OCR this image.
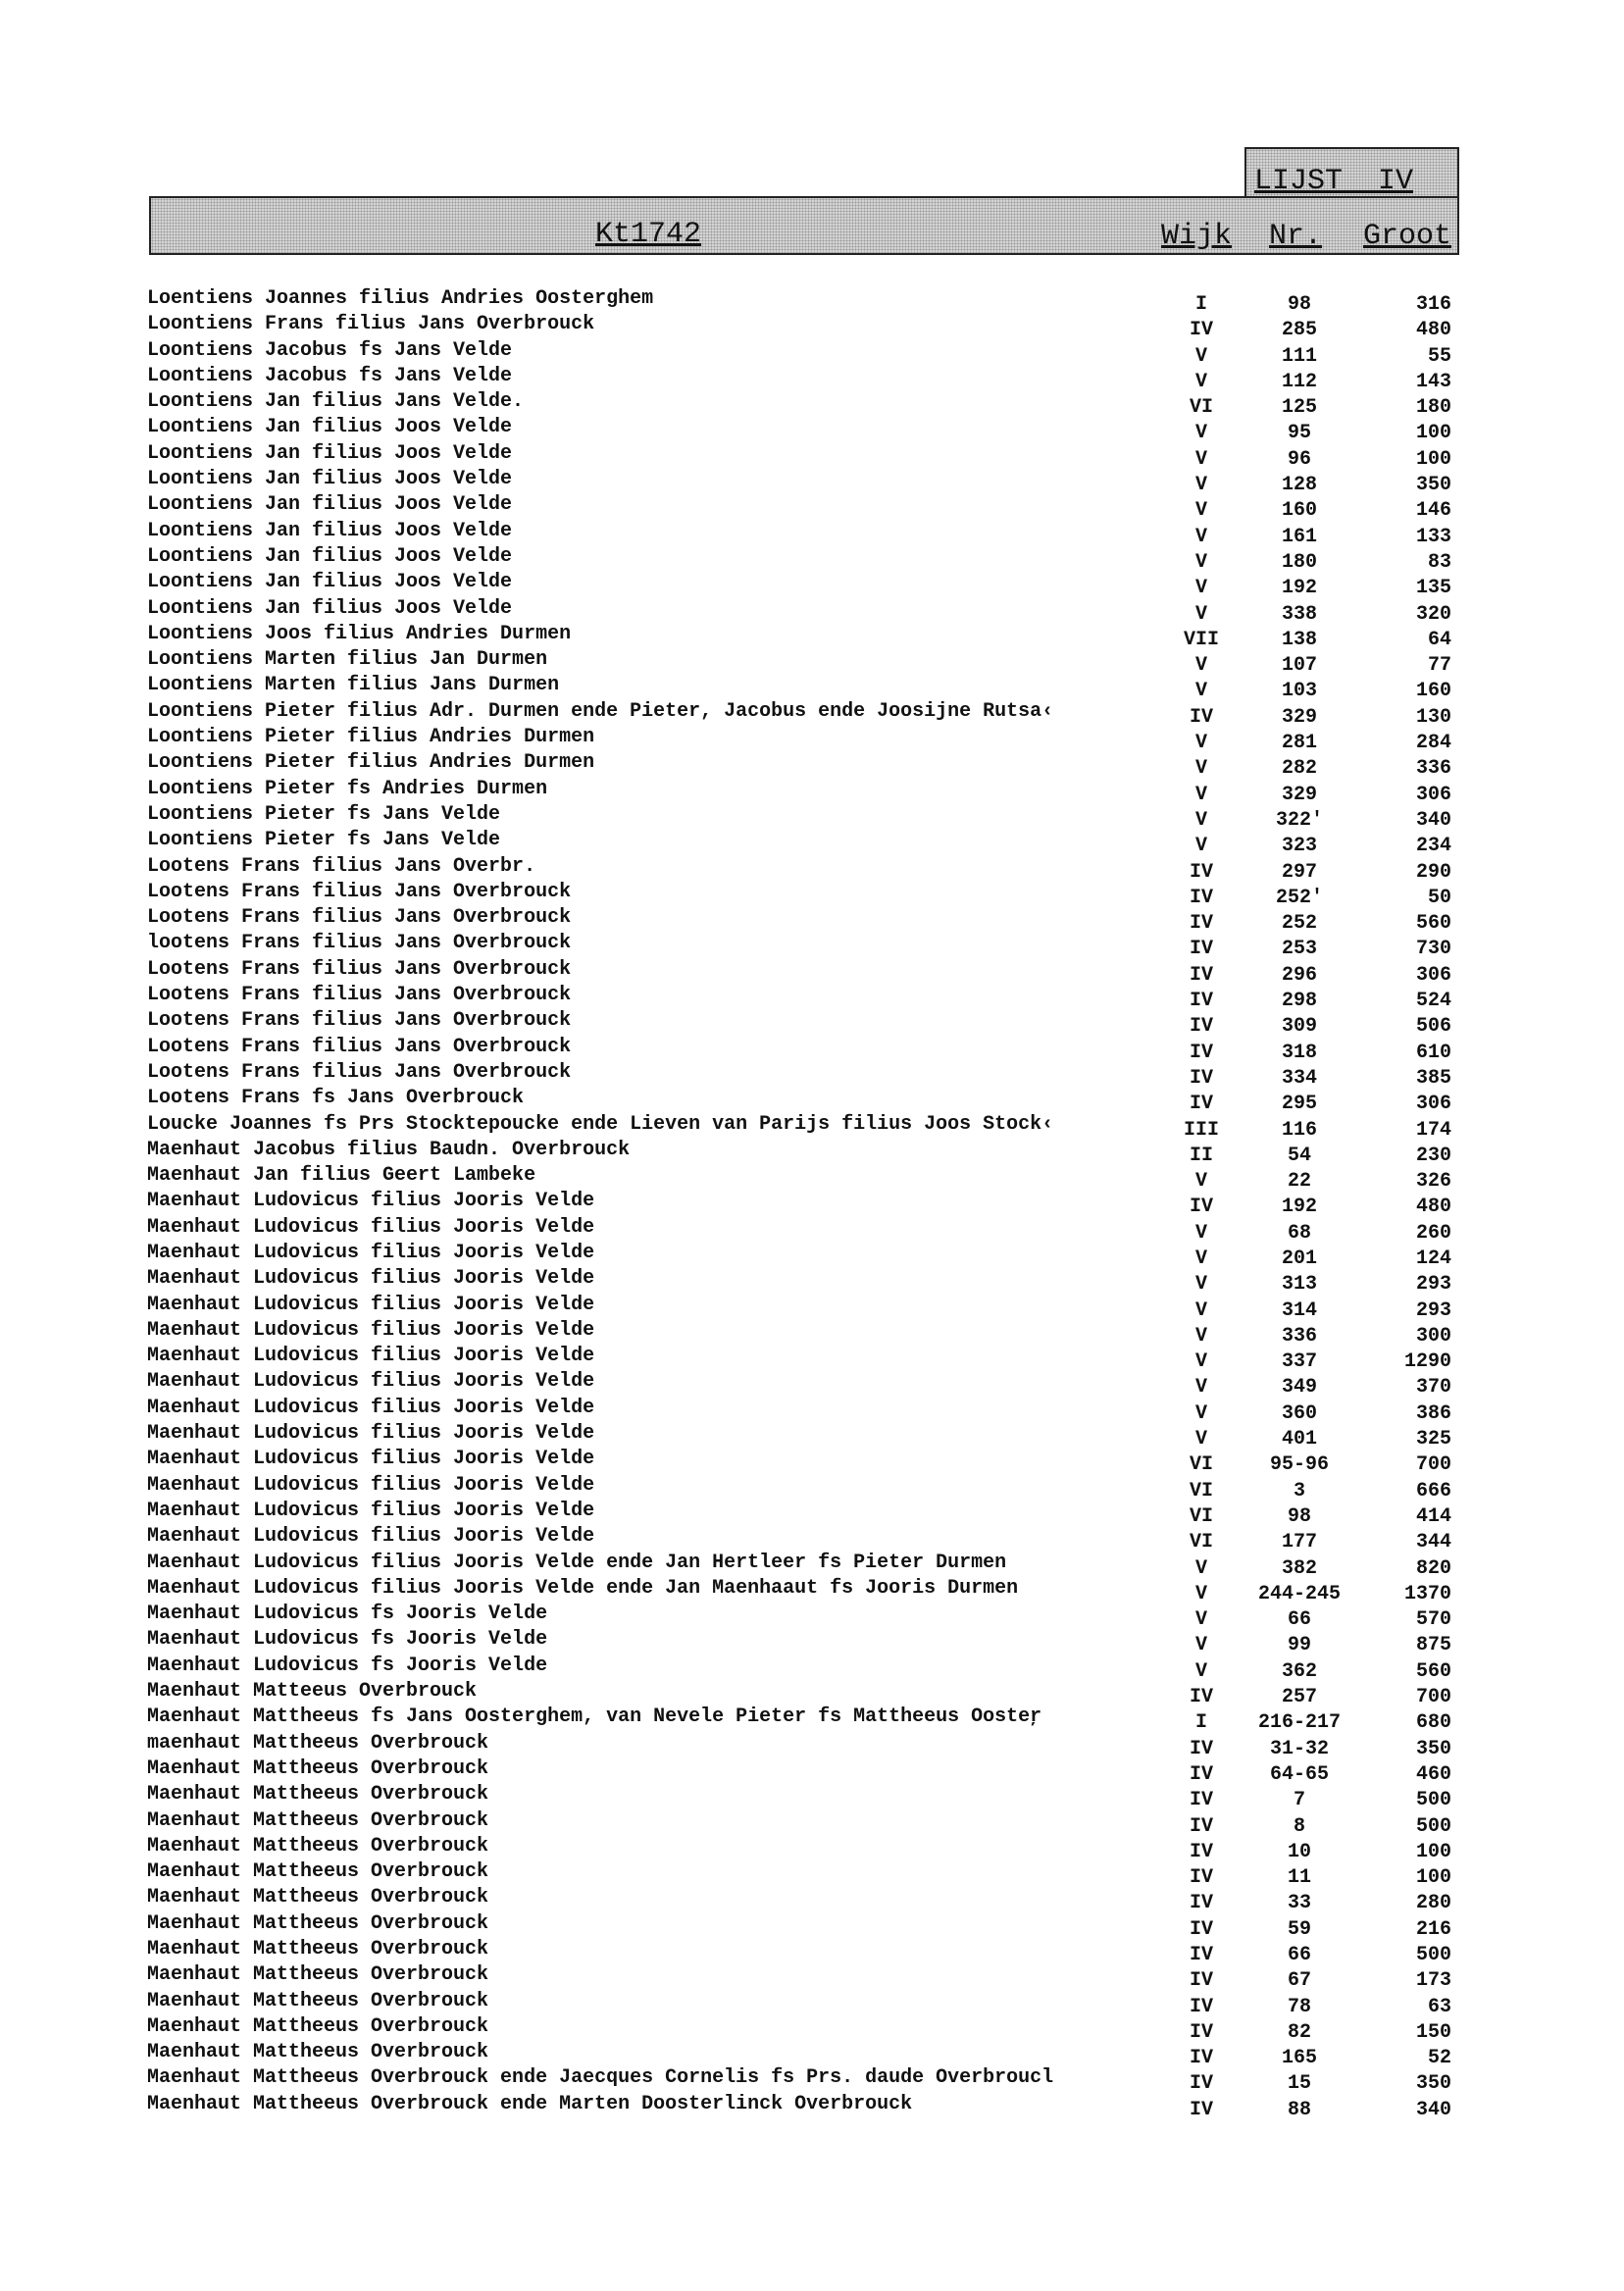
LIJST  IV
Kt1742	Wijk Nr. Groot
Loentiens Joannes filius Andries Oosterghem	I	98	316
Loontiens Frans filius Jans Overbrouck	IV	285	480
Loontiens Jacobus fs Jans Velde	V	111	55
Loontiens Jacobus fs Jans Velde	V	112	143
Loontiens Jan filius Jans Velde.	VI	125	180
Loontiens Jan filius Joos Velde	V	95	100
Loontiens Jan filius Joos Velde	V	96	100
Loontiens Jan filius Joos Velde	V	128	350
Loontiens Jan filius Joos Velde	V	160	146
Loontiens Jan filius Joos Velde	V	161	133
Loontiens Jan filius Joos Velde	V	180	83
Loontiens Jan filius Joos Velde	V	192	135
Loontiens Jan filius Joos Velde	V	338	320
Loontiens Joos filius Andries Durmen	VII	138	64
Loontiens Marten filius Jan Durmen	V	107	77
Loontiens Marten filius Jans Durmen	V	103	160
Loontiens Pieter filius Adr. Durmen ende Pieter, Jacobus ende Joosijne Rutsa‹	IV	329	130
Loontiens Pieter filius Andries Durmen	V	281	284
Loontiens Pieter filius Andries Durmen	V	282	336
Loontiens Pieter fs Andries Durmen	V	329	306
Loontiens Pieter fs Jans Velde	V	322'	340
Loontiens Pieter fs Jans Velde	V	323	234
Lootens Frans filius Jans Overbr.	IV	297	290
Lootens Frans filius Jans Overbrouck	IV	252'	50
Lootens Frans filius Jans Overbrouck	IV	252	560
lootens Frans filius Jans Overbrouck	IV	253	730
Lootens Frans filius Jans Overbrouck	IV	296	306
Lootens Frans filius Jans Overbrouck	IV	298	524
Lootens Frans filius Jans Overbrouck	IV	309	506
Lootens Frans filius Jans Overbrouck	IV	318	610
Lootens Frans filius Jans Overbrouck	IV	334	385
Lootens Frans fs Jans Overbrouck	IV	295	306
Loucke Joannes fs Prs Stocktepoucke ende Lieven van Parijs filius Joos Stock‹	III	116	174
Maenhaut Jacobus filius Baudn. Overbrouck	II	54	230
Maenhaut Jan filius Geert Lambeke	V	22	326
Maenhaut Ludovicus filius Jooris Velde	IV	192	480
Maenhaut Ludovicus filius Jooris Velde	V	68	260
Maenhaut Ludovicus filius Jooris Velde	V	201	124
Maenhaut Ludovicus filius Jooris Velde	V	313	293
Maenhaut Ludovicus filius Jooris Velde	V	314	293
Maenhaut Ludovicus filius Jooris Velde	V	336	300
Maenhaut Ludovicus filius Jooris Velde	V	337	1290
Maenhaut Ludovicus filius Jooris Velde	V	349	370
Maenhaut Ludovicus filius Jooris Velde	V	360	386
Maenhaut Ludovicus filius Jooris Velde	V	401	325
Maenhaut Ludovicus filius Jooris Velde	VI	95-96	700
Maenhaut Ludovicus filius Jooris Velde	VI	3	666
Maenhaut Ludovicus filius Jooris Velde	VI	98	414
Maenhaut Ludovicus filius Jooris Velde	VI	177	344
Maenhaut Ludovicus filius Jooris Velde ende Jan Hertleer fs Pieter Durmen	V	382	820
Maenhaut Ludovicus filius Jooris Velde ende Jan Maenhaaut fs Jooris Durmen	V	244-245	1370
Maenhaut Ludovicus fs Jooris Velde	V	66	570
Maenhaut Ludovicus fs Jooris Velde	V	99	875
Maenhaut Ludovicus fs Jooris Velde	V	362	560
Maenhaut Matteeus Overbrouck	IV	257	700
Maenhaut Mattheeus fs Jans Oosterghem, van Nevele Pieter fs Mattheeus Oosteŗ	I	216-217	680
maenhaut Mattheeus Overbrouck	IV	31-32	350
Maenhaut Mattheeus Overbrouck	IV	64-65	460
Maenhaut Mattheeus Overbrouck	IV	7	500
Maenhaut Mattheeus Overbrouck	IV	8	500
Maenhaut Mattheeus Overbrouck	IV	10	100
Maenhaut Mattheeus Overbrouck	IV	11	100
Maenhaut Mattheeus Overbrouck	IV	33	280
Maenhaut Mattheeus Overbrouck	IV	59	216
Maenhaut Mattheeus Overbrouck	IV	66	500
Maenhaut Mattheeus Overbrouck	IV	67	173
Maenhaut Mattheeus Overbrouck	IV	78	63
Maenhaut Mattheeus Overbrouck	IV	82	150
Maenhaut Mattheeus Overbrouck	IV	165	52
Maenhaut Mattheeus Overbrouck ende Jaecques Cornelis fs Prs. daude Overbroucl	IV	15	350
Maenhaut Mattheeus Overbrouck ende Marten Doosterlinck Overbrouck	IV	88	340
